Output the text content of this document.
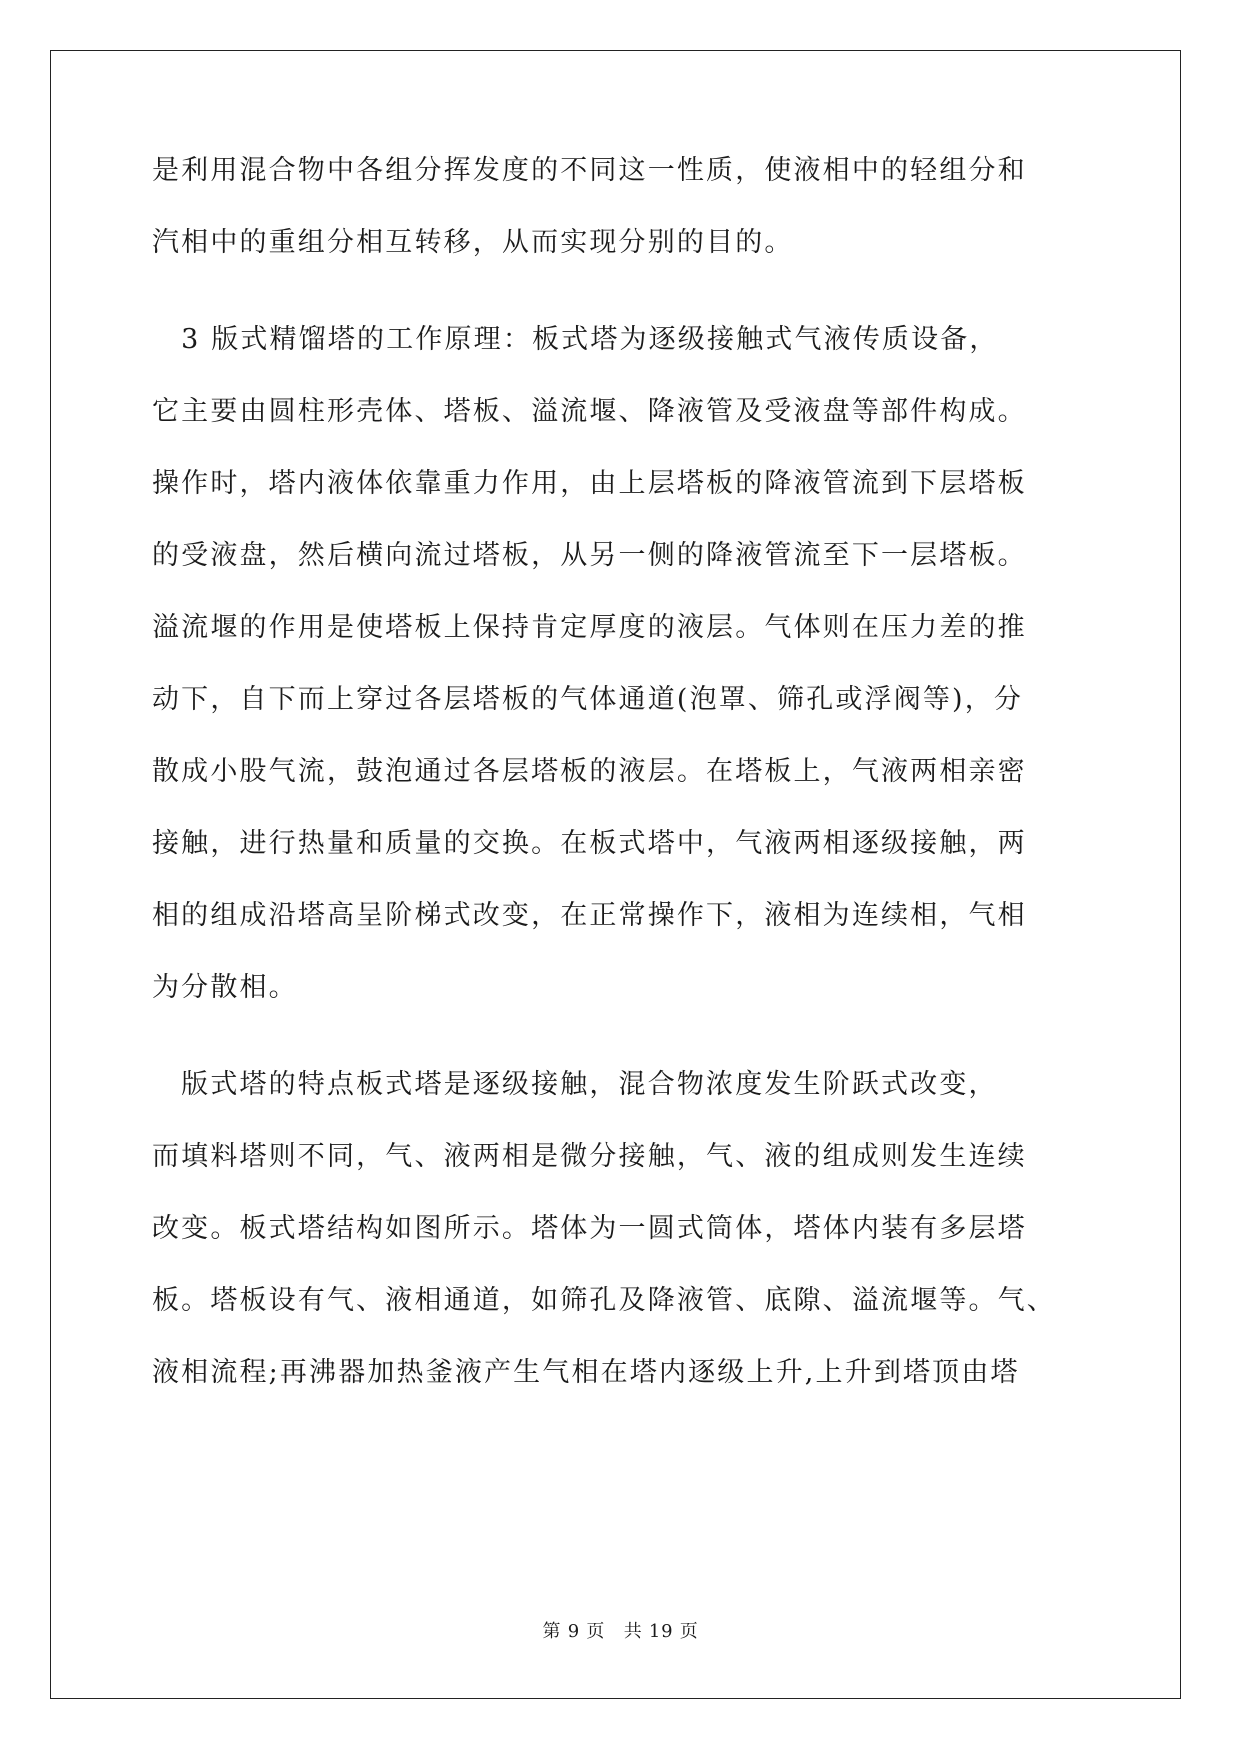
是利用混合物中各组分挥发度的不同这一性质，使液相中的轻组分和
汽相中的重组分相互转移，从而实现分别的目的。
　3 版式精馏塔的工作原理：板式塔为逐级接触式气液传质设备，
它主要由圆柱形壳体、塔板、溢流堰、降液管及受液盘等部件构成。
操作时，塔内液体依靠重力作用，由上层塔板的降液管流到下层塔板
的受液盘，然后横向流过塔板，从另一侧的降液管流至下一层塔板。
溢流堰的作用是使塔板上保持肯定厚度的液层。气体则在压力差的推
动下，自下而上穿过各层塔板的气体通道(泡罩、筛孔或浮阀等)，分
散成小股气流，鼓泡通过各层塔板的液层。在塔板上，气液两相亲密
接触，进行热量和质量的交换。在板式塔中，气液两相逐级接触，两
相的组成沿塔高呈阶梯式改变，在正常操作下，液相为连续相，气相
为分散相。
　版式塔的特点板式塔是逐级接触，混合物浓度发生阶跃式改变，
而填料塔则不同，气、液两相是微分接触，气、液的组成则发生连续
改变。板式塔结构如图所示。塔体为一圆式筒体，塔体内装有多层塔
板。塔板设有气、液相通道，如筛孔及降液管、底隙、溢流堰等。气、
液相流程;再沸器加热釜液产生气相在塔内逐级上升,上升到塔顶由塔
第 9 页　共 19 页
